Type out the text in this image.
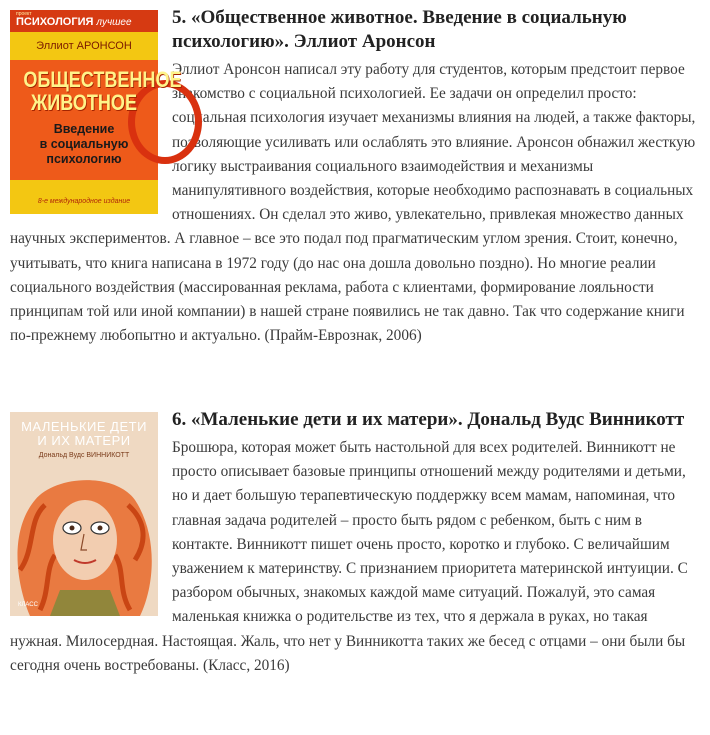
проект
ПСИХОЛОГИЯ лучшее
Эллиот АРОНСОН
ОБЩЕСТВЕННОЕ
ЖИВОТНОЕ
Введение
в социальную
психологию
8-е международное издание
5. «Общественное животное. Введение в социальную психологию». Эллиот Аронсон

Эллиот Аронсон написал эту работу для студентов, которым предстоит первое знакомство с социальной психологией. Ее задачи он определил просто: социальная психология изучает механизмы влияния на людей, а также факторы, позволяющие усиливать или ослаблять это влияние. Аронсон обнажил жесткую логику выстраивания социального взаимодействия и механизмы манипулятивного воздействия, которые необходимо распознавать в социальных отношениях. Он сделал это живо, увлекательно, привлекая множество данных научных экспериментов. А главное – все это подал под прагматическим углом зрения. Стоит, конечно, учитывать, что книга написана в 1972 году (до нас она дошла довольно поздно). Но многие реалии социального воздействия (массированная реклама, работа с клиентами, формирование лояльности принципам той или иной компании) в нашей стране появились не так давно. Так что содержание книги по-прежнему любопытно и актуально. (Прайм-Еврознак, 2006)

МАЛЕНЬКИЕ ДЕТИ
И ИХ МАТЕРИ
Дональд Вудс ВИННИКОТТ
КЛАСС
6. «Маленькие дети и их матери». Дональд Вудс Винникотт

Брошюра, которая может быть настольной для всех родителей. Винникотт не просто описывает базовые принципы отношений между родителями и детьми, но и дает большую терапевтическую поддержку всем мамам, напоминая, что главная задача родителей – просто быть рядом с ребенком, быть с ним в контакте. Винникотт пишет очень просто, коротко и глубоко. С величайшим уважением к материнству. С признанием приоритета материнской интуиции. С разбором обычных, знакомых каждой маме ситуаций. Пожалуй, это самая маленькая книжка о родительстве из тех, что я держала в руках, но такая нужная. Милосердная. Настоящая. Жаль, что нет у Винникотта таких же бесед с отцами – они были бы сегодня очень востребованы. (Класс, 2016)
